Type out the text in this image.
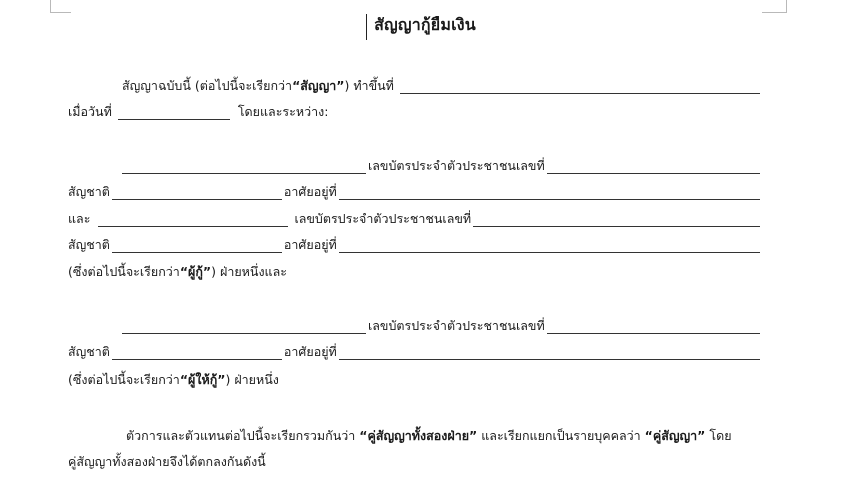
สัญญากู้ยืมเงิน
สัญญาฉบับนี้ (ต่อไปนี้จะเรียกว่า “สัญญา” ) ทำขึ้นที่
เมื่อวันที่	โดยและระหว่าง:
เลขบัตรประจำตัวประชาชนเลขที่
สัญชาติ	อาศัยอยู่ที่
และ	เลขบัตรประจำตัวประชาชนเลขที่
สัญชาติ	อาศัยอยู่ที่
(ซึ่งต่อไปนี้จะเรียกว่า “ผู้กู้” ) ฝ่ายหนึ่งและ
เลขบัตรประจำตัวประชาชนเลขที่
สัญชาติ	อาศัยอยู่ที่
(ซึ่งต่อไปนี้จะเรียกว่า “ผู้ให้กู้” ) ฝ่ายหนึ่ง
ตัวการและตัวแทนต่อไปนี้จะเรียกรวมกันว่า “คู่สัญญาทั้งสองฝ่าย” และเรียกแยกเป็นรายบุคคลว่า “คู่สัญญา” โดย
คู่สัญญาทั้งสองฝ่ายจึงได้ตกลงกันดังนี้
